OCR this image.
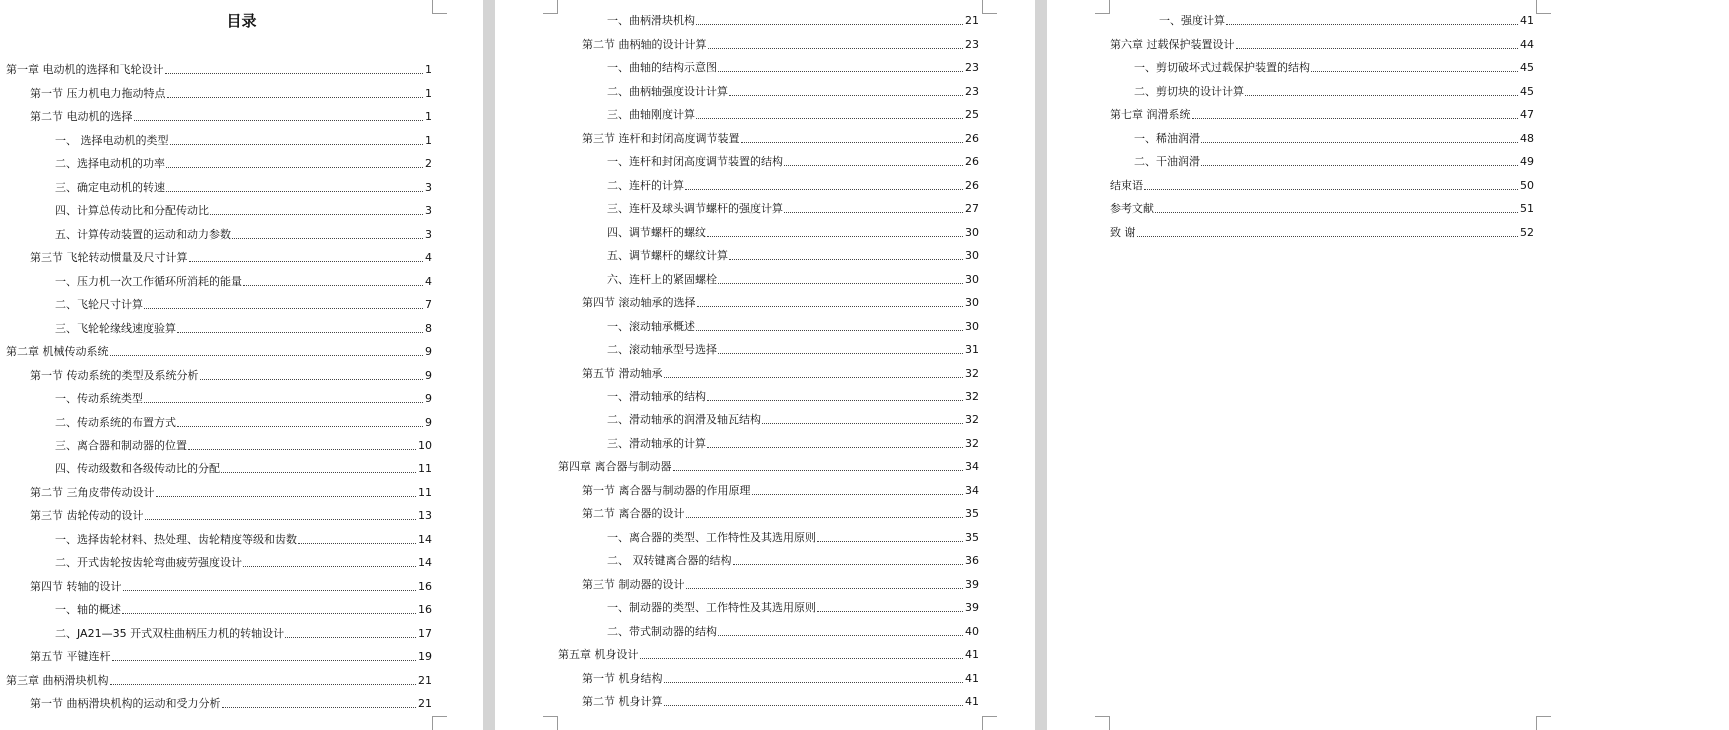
目录
第一章 电动机的选择和飞轮设计	1
第一节 压力机电力拖动特点	1
第二节 电动机的选择	1
一、 选择电动机的类型	1
二、选择电动机的功率	2
三、确定电动机的转速	3
四、计算总传动比和分配传动比	3
五、计算传动装置的运动和动力参数	3
第三节 飞轮转动惯量及尺寸计算	4
一、压力机一次工作循环所消耗的能量	4
二、飞轮尺寸计算	7
三、飞轮轮缘线速度验算	8
第二章 机械传动系统	9
第一节 传动系统的类型及系统分析	9
一、传动系统类型	9
二、传动系统的布置方式	9
三、离合器和制动器的位置	10
四、传动级数和各级传动比的分配	11
第二节 三角皮带传动设计	11
第三节 齿轮传动的设计	13
一、选择齿轮材料、热处理、齿轮精度等级和齿数	14
二、开式齿轮按齿轮弯曲疲劳强度设计	14
第四节 转轴的设计	16
一、轴的概述	16
二、JA21—35 开式双柱曲柄压力机的转轴设计	17
第五节 平键连杆	19
第三章 曲柄滑块机构	21
第一节 曲柄滑块机构的运动和受力分析	21
一、曲柄滑块机构	21
第二节 曲柄轴的设计计算	23
一、曲轴的结构示意图	23
二、曲柄轴强度设计计算	23
三、曲轴刚度计算	25
第三节 连杆和封闭高度调节装置	26
一、连杆和封闭高度调节装置的结构	26
二、连杆的计算	26
三、连杆及球头调节螺杆的强度计算	27
四、调节螺杆的螺纹	30
五、调节螺杆的螺纹计算	30
六、连杆上的紧固螺栓	30
第四节 滚动轴承的选择	30
一、滚动轴承概述	30
二、滚动轴承型号选择	31
第五节 滑动轴承	32
一、滑动轴承的结构	32
二、滑动轴承的润滑及轴瓦结构	32
三、滑动轴承的计算	32
第四章 离合器与制动器	34
第一节 离合器与制动器的作用原理	34
第二节 离合器的设计	35
一、离合器的类型、工作特性及其选用原则	35
二、 双转键离合器的结构	36
第三节 制动器的设计	39
一、制动器的类型、工作特性及其选用原则	39
二、带式制动器的结构	40
第五章 机身设计	41
第一节 机身结构	41
第二节 机身计算	41
一、强度计算	41
第六章 过载保护装置设计	44
一、剪切破坏式过载保护装置的结构	45
二、剪切块的设计计算	45
第七章 润滑系统	47
一、稀油润滑	48
二、干油润滑	49
结束语	50
参考文献	51
致 谢	52
